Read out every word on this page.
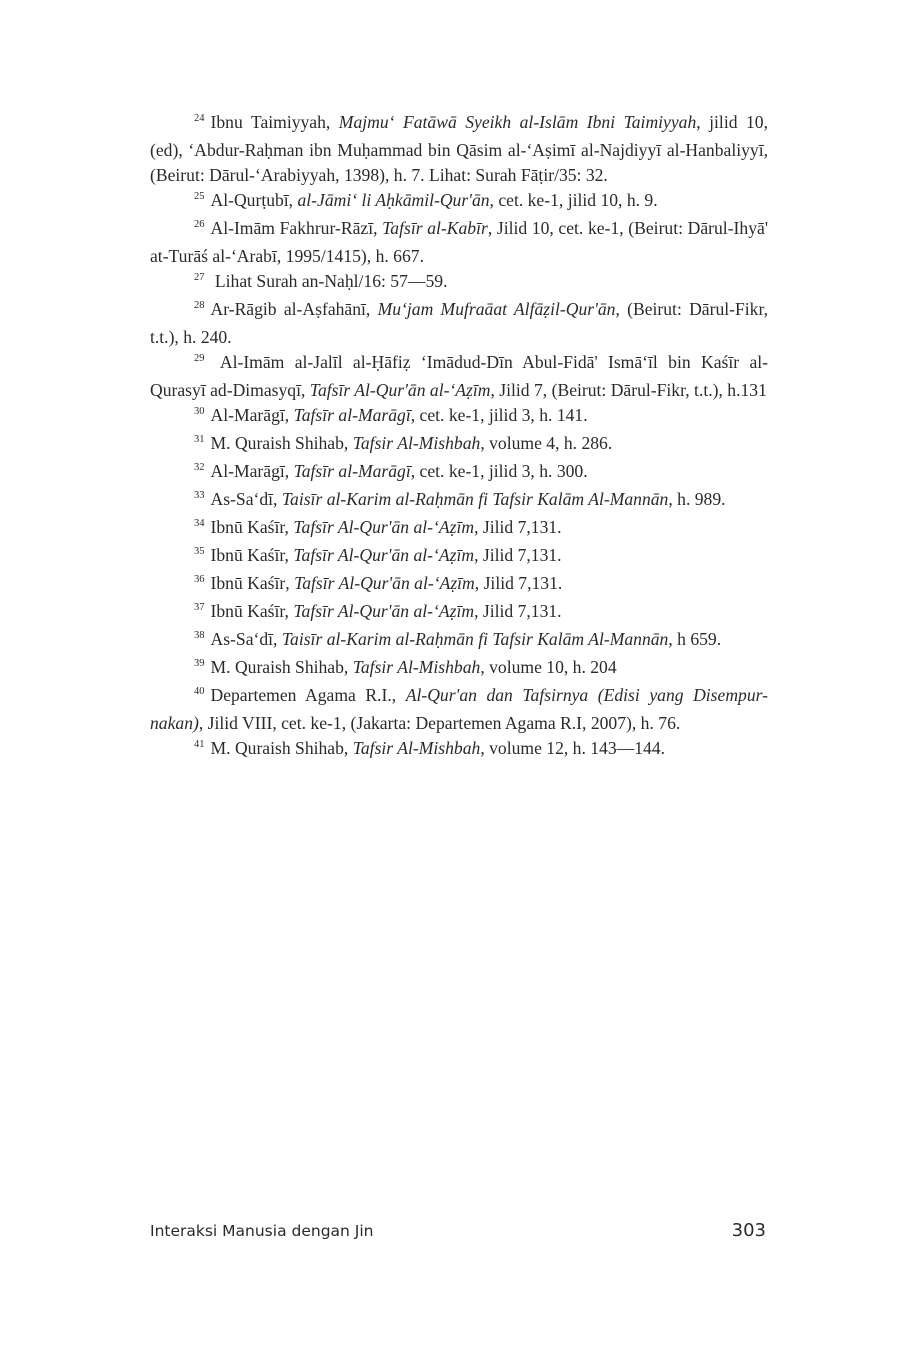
$^{24}$ Ibnu Taimiyyah, Majmu‘ Fatāwā Syeikh al-Islām Ibni Taimiyyah, jilid 10, (ed), ‘Abdur-Raḥman ibn Muḥammad bin Qāsim al-‘Aṣimī al-Najdiyyī al-Hanbaliyyī, (Beirut: Dārul-‘Arabiyyah, 1398), h. 7. Lihat: Surah Fāṭir/35: 32.

$^{25}$ Al-Qurṭubī, al-Jāmi‘ li Aḥkāmil-Qur'ān, cet. ke-1, jilid 10, h. 9.

$^{26}$ Al-Imām Fakhrur-Rāzī, Tafsīr al-Kabīr, Jilid 10, cet. ke-1, (Beirut: Dārul-Ihyā' at-Turāś al-‘Arabī, 1995/1415), h. 667.

$^{27}$ Lihat Surah an-Naḥl/16: 57—59.

$^{28}$ Ar-Rāgib al-Aṣfahānī, Mu‘jam Mufraāat Alfāẓil-Qur'ān, (Beirut: Dārul-Fikr, t.t.), h. 240.

$^{29}$ Al-Imām al-Jalīl al-Ḥāfiẓ ‘Imādud-Dīn Abul-Fidā' Ismā‘īl bin Kaśīr al-Qurasyī ad-Dimasyqī, Tafsīr Al-Qur'ān al-‘Aẓīm, Jilid 7, (Beirut: Dārul-Fikr, t.t.), h.131

$^{30}$ Al-Marāgī, Tafsīr al-Marāgī, cet. ke-1, jilid 3, h. 141.

$^{31}$ M. Quraish Shihab, Tafsir Al-Mishbah, volume 4, h. 286.

$^{32}$ Al-Marāgī, Tafsīr al-Marāgī, cet. ke-1, jilid 3, h. 300.

$^{33}$ As-Sa‘dī, Taisīr al-Karim al-Raḥmān fi Tafsir Kalām Al-Mannān, h. 989.

$^{34}$ Ibnū Kaśīr, Tafsīr Al-Qur'ān al-‘Aẓīm, Jilid 7,131.

$^{35}$ Ibnū Kaśīr, Tafsīr Al-Qur'ān al-‘Aẓīm, Jilid 7,131.

$^{36}$ Ibnū Kaśīr, Tafsīr Al-Qur'ān al-‘Aẓīm, Jilid 7,131.

$^{37}$ Ibnū Kaśīr, Tafsīr Al-Qur'ān al-‘Aẓīm, Jilid 7,131.

$^{38}$ As-Sa‘dī, Taisīr al-Karim al-Raḥmān fi Tafsir Kalām Al-Mannān, h 659.

$^{39}$ M. Quraish Shihab, Tafsir Al-Mishbah, volume 10, h. 204

$^{40}$ Departemen Agama R.I., Al-Qur'an dan Tafsirnya (Edisi yang Disempur-nakan), Jilid VIII, cet. ke-1, (Jakarta: Departemen Agama R.I, 2007), h. 76.

$^{41}$ M. Quraish Shihab, Tafsir Al-Mishbah, volume 12, h. 143—144.

Interaksi Manusia dengan Jin	303
